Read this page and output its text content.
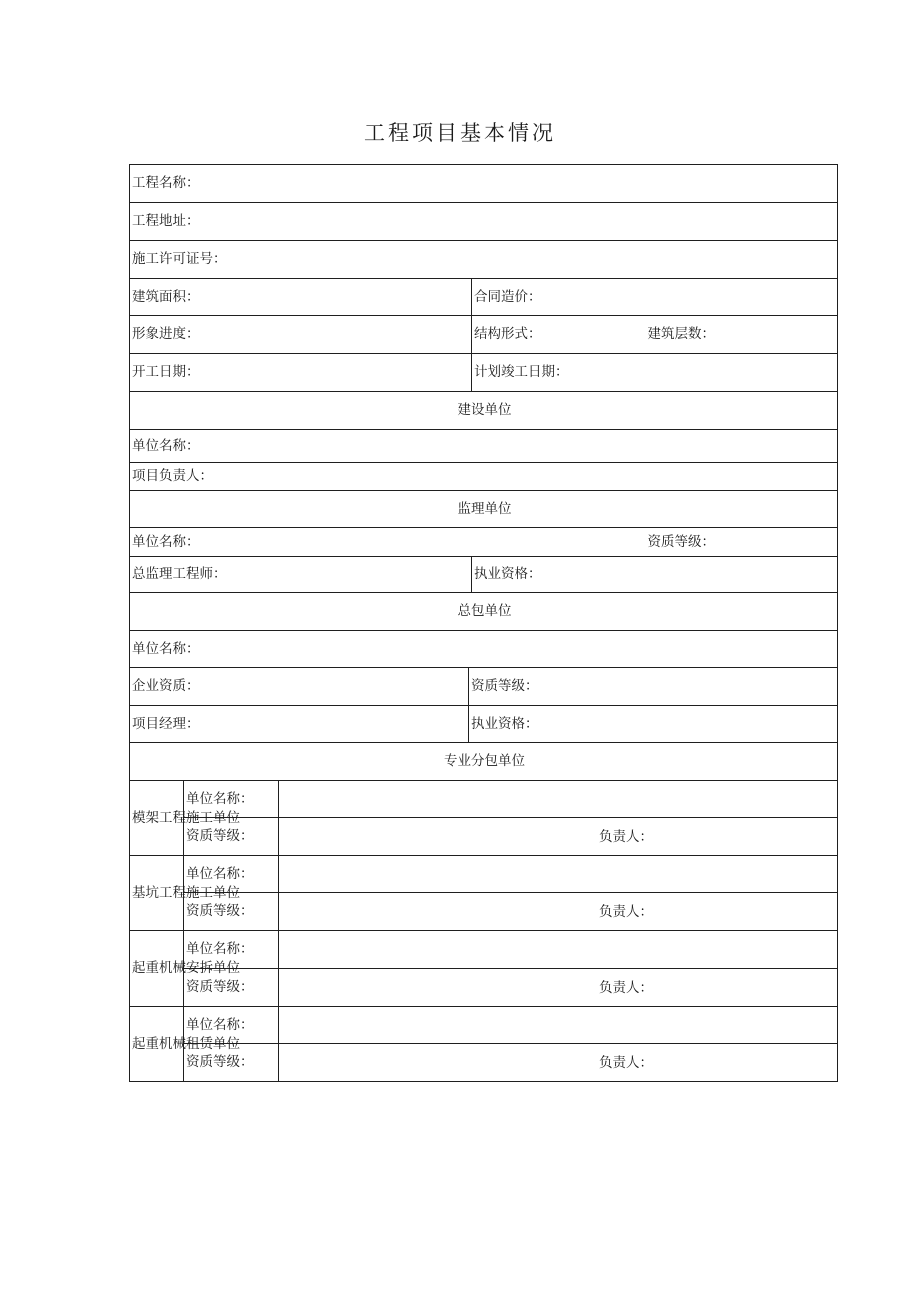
工程项目基本情况
工程名称：				
工程地址：				
施工许可证号：				
建筑面积：				合同造价：
形象进度：				结构形式： 建筑层数：

开工日期：				计划竣工日期：
建设单位				
单位名称：				
项目负责人：				
监理单位				

单位名称： 资质等级：				

总监理工程师：				执业资格：
总包单位				
单位名称：				
企业资质：			资质等级：	
项目经理：			执业资格：	
专业分包单位				
模架工程施工单位	单位名称：			
	资质等级：	负责人：		

基坑工程施工单位	单位名称：			
	资质等级：	负责人：		

起重机械安拆单位	单位名称：			
	资质等级：	负责人：		

起重机械租赁单位	单位名称：			
	资质等级：	负责人：		
